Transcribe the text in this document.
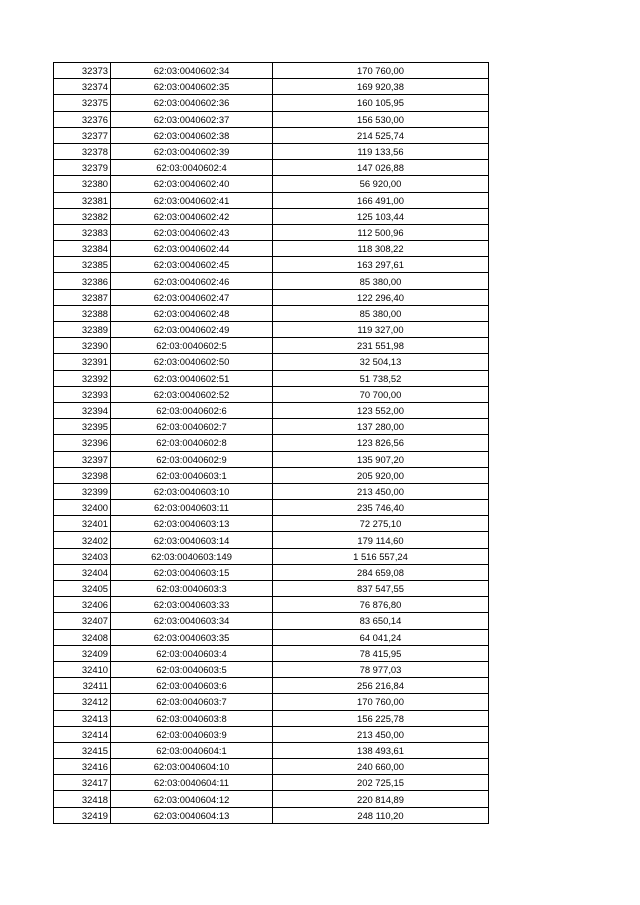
32373	62:03:0040602:34	170 760,00
32374	62:03:0040602:35	169 920,38
32375	62:03:0040602:36	160 105,95
32376	62:03:0040602:37	156 530,00
32377	62:03:0040602:38	214 525,74
32378	62:03:0040602:39	119 133,56
32379	62:03:0040602:4	147 026,88
32380	62:03:0040602:40	56 920,00
32381	62:03:0040602:41	166 491,00
32382	62:03:0040602:42	125 103,44
32383	62:03:0040602:43	112 500,96
32384	62:03:0040602:44	118 308,22
32385	62:03:0040602:45	163 297,61
32386	62:03:0040602:46	85 380,00
32387	62:03:0040602:47	122 296,40
32388	62:03:0040602:48	85 380,00
32389	62:03:0040602:49	119 327,00
32390	62:03:0040602:5	231 551,98
32391	62:03:0040602:50	32 504,13
32392	62:03:0040602:51	51 738,52
32393	62:03:0040602:52	70 700,00
32394	62:03:0040602:6	123 552,00
32395	62:03:0040602:7	137 280,00
32396	62:03:0040602:8	123 826,56
32397	62:03:0040602:9	135 907,20
32398	62:03:0040603:1	205 920,00
32399	62:03:0040603:10	213 450,00
32400	62:03:0040603:11	235 746,40
32401	62:03:0040603:13	72 275,10
32402	62:03:0040603:14	179 114,60
32403	62:03:0040603:149	1 516 557,24
32404	62:03:0040603:15	284 659,08
32405	62:03:0040603:3	837 547,55
32406	62:03:0040603:33	76 876,80
32407	62:03:0040603:34	83 650,14
32408	62:03:0040603:35	64 041,24
32409	62:03:0040603:4	78 415,95
32410	62:03:0040603:5	78 977,03
32411	62:03:0040603:6	256 216,84
32412	62:03:0040603:7	170 760,00
32413	62:03:0040603:8	156 225,78
32414	62:03:0040603:9	213 450,00
32415	62:03:0040604:1	138 493,61
32416	62:03:0040604:10	240 660,00
32417	62:03:0040604:11	202 725,15
32418	62:03:0040604:12	220 814,89
32419	62:03:0040604:13	248 110,20
